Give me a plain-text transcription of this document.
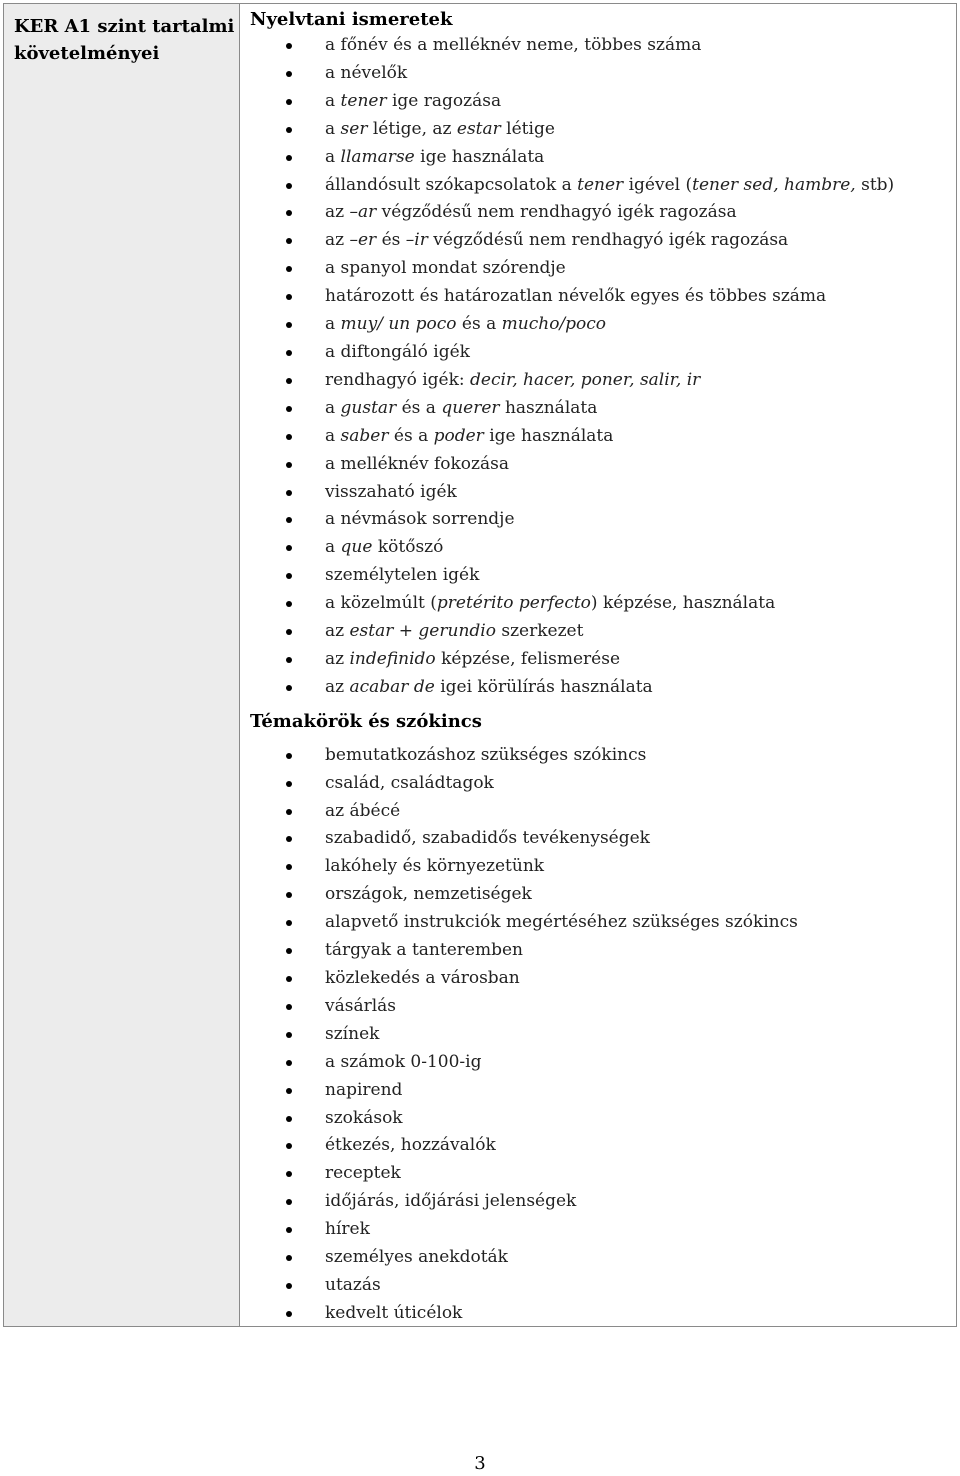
KER A1 szint tartalmi
követelményei
Nyelvtani ismeretek
a főnév és a melléknév neme, többes száma
a névelők
a tener ige ragozása
a ser létige, az estar létige
a llamarse ige használata
állandósult szókapcsolatok a tener igével (tener sed, hambre, stb)
az –ar végződésű nem rendhagyó igék ragozása
az –er és –ir végződésű nem rendhagyó igék ragozása
a spanyol mondat szórendje
határozott és határozatlan névelők egyes és többes száma
a muy/ un poco és a mucho/poco
a diftongáló igék
rendhagyó igék: decir, hacer, poner, salir, ir
a gustar és a querer használata
a saber és a poder ige használata
a melléknév fokozása
visszaható igék
a névmások sorrendje
a que kötőszó
személytelen igék
a közelmúlt (pretérito perfecto) képzése, használata
az estar + gerundio szerkezet
az indefinido képzése, felismerése
az acabar de igei körülírás használata
Témakörök és szókincs
bemutatkozáshoz szükséges szókincs
család, családtagok
az ábécé
szabadidő, szabadidős tevékenységek
lakóhely és környezetünk
országok, nemzetiségek
alapvető instrukciók megértéséhez szükséges szókincs
tárgyak a tanteremben
közlekedés a városban
vásárlás
színek
a számok 0-100-ig
napirend
szokások
étkezés, hozzávalók
receptek
időjárás, időjárási jelenségek
hírek
személyes anekdoták
utazás
kedvelt úticélok
3
